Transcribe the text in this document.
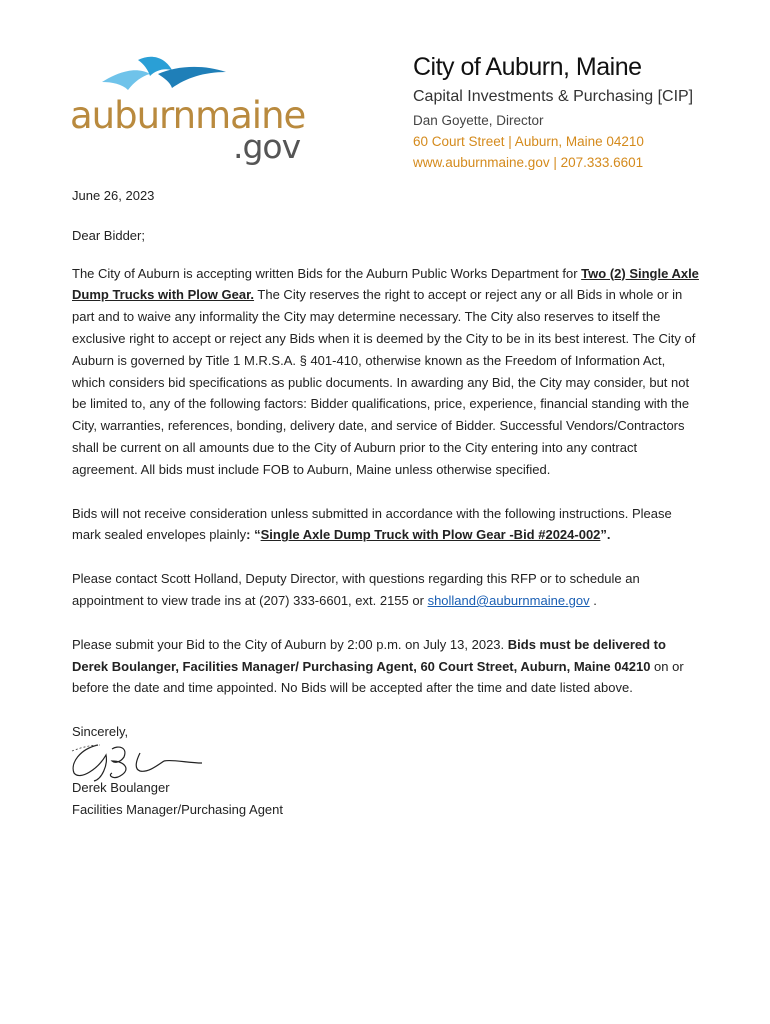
auburnmaine
.gov
City of Auburn, Maine
Capital Investments & Purchasing [CIP]
Dan Goyette, Director
60 Court Street | Auburn, Maine 04210
www.auburnmaine.gov | 207.333.6601

June 26, 2023

Dear Bidder;

The City of Auburn is accepting written Bids for the Auburn Public Works Department for Two (2) Single Axle Dump Trucks with Plow Gear. The City reserves the right to accept or reject any or all Bids in whole or in part and to waive any informality the City may determine necessary. The City also reserves to itself the exclusive right to accept or reject any Bids when it is deemed by the City to be in its best interest. The City of Auburn is governed by Title 1 M.R.S.A. § 401-410, otherwise known as the Freedom of Information Act, which considers bid specifications as public documents. In awarding any Bid, the City may consider, but not be limited to, any of the following factors: Bidder qualifications, price, experience, financial standing with the City, warranties, references, bonding, delivery date, and service of Bidder. Successful Vendors/Contractors shall be current on all amounts due to the City of Auburn prior to the City entering into any contract agreement. All bids must include FOB to Auburn, Maine unless otherwise specified.

Bids will not receive consideration unless submitted in accordance with the following instructions. Please mark sealed envelopes plainly: “Single Axle Dump Truck with Plow Gear -Bid #2024-002”.

Please contact Scott Holland, Deputy Director, with questions regarding this RFP or to schedule an appointment to view trade ins at (207) 333-6601, ext. 2155 or sholland@auburnmaine.gov .

Please submit your Bid to the City of Auburn by 2:00 p.m. on July 13, 2023. Bids must be delivered to Derek Boulanger, Facilities Manager/ Purchasing Agent, 60 Court Street, Auburn, Maine 04210 on or before the date and time appointed. No Bids will be accepted after the time and date listed above.

Sincerely,
Derek Boulanger
Facilities Manager/Purchasing Agent
